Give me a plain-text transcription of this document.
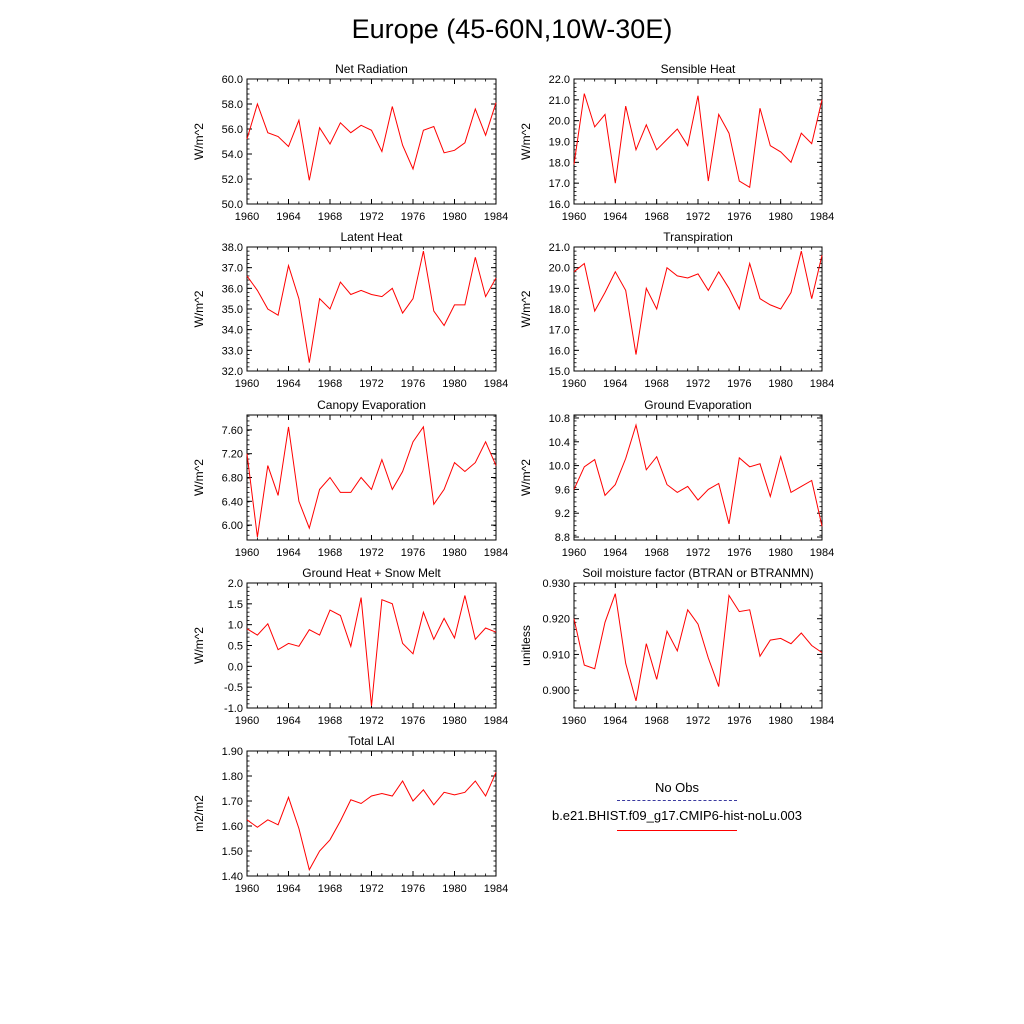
Europe (45-60N,10W-30E)
Net Radiation
W/m^2
50.0
52.0
54.0
56.0
58.0
60.0
1960 1964 1968 1972 1976 1980 1984
Sensible Heat
W/m^2
16.0
17.0
18.0
19.0
20.0
21.0
22.0
1960 1964 1968 1972 1976 1980 1984
Latent Heat
W/m^2
32.0
33.0
34.0
35.0
36.0
37.0
38.0
1960 1964 1968 1972 1976 1980 1984
Transpiration
W/m^2
15.0
16.0
17.0
18.0
19.0
20.0
21.0
1960 1964 1968 1972 1976 1980 1984
Canopy Evaporation
W/m^2
6.00
6.40
6.80
7.20
7.60
1960 1964 1968 1972 1976 1980 1984
Ground Evaporation
W/m^2
8.8
9.2
9.6
10.0
10.4
10.8
1960 1964 1968 1972 1976 1980 1984
Ground Heat + Snow Melt
W/m^2
-1.0
-0.5
0.0
0.5
1.0
1.5
2.0
1960 1964 1968 1972 1976 1980 1984
Soil moisture factor (BTRAN or BTRANMN)
unitless
0.900
0.910
0.920
0.930
1960 1964 1968 1972 1976 1980 1984
Total LAI
m2/m2
1.40
1.50
1.60
1.70
1.80
1.90
1960 1964 1968 1972 1976 1980 1984
No Obs
b.e21.BHIST.f09_g17.CMIP6-hist-noLu.003
